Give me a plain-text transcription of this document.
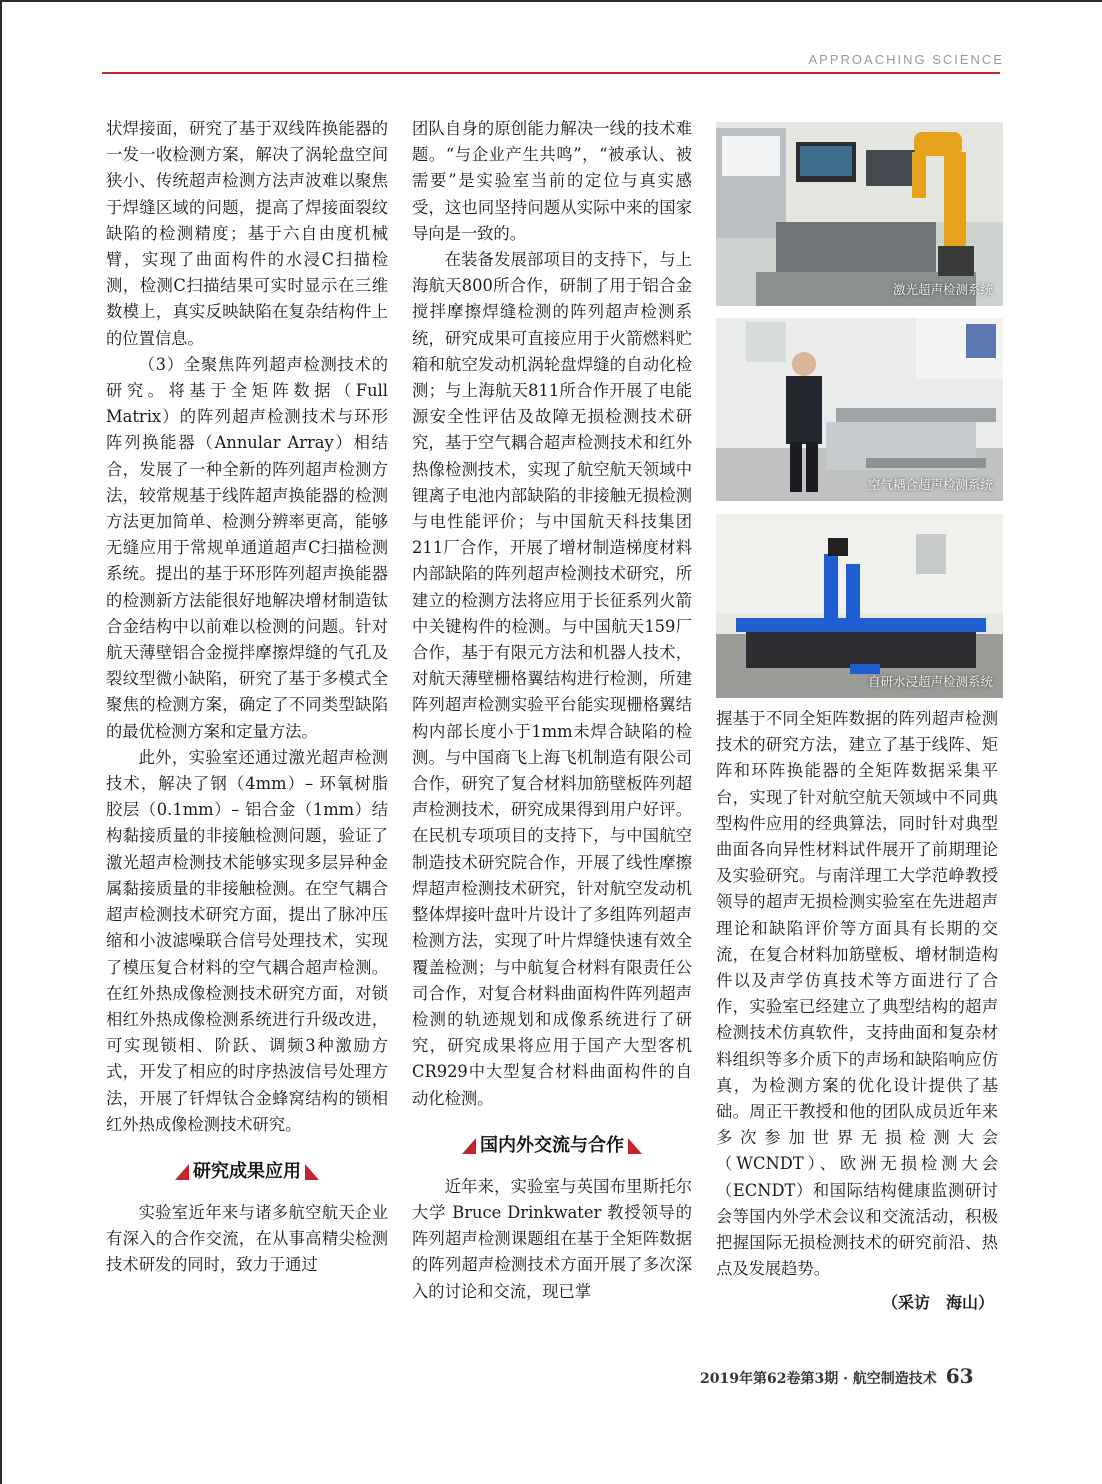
APPROACHING SCIENCE

状焊接面，研究了基于双线阵换能器的一发一收检测方案，解决了涡轮盘空间狭小、传统超声检测方法声波难以聚焦于焊缝区域的问题，提高了焊接面裂纹缺陷的检测精度；基于六自由度机械臂，实现了曲面构件的水浸C扫描检测，检测C扫描结果可实时显示在三维数模上，真实反映缺陷在复杂结构件上的位置信息。

（3）全聚焦阵列超声检测技术的研究。将基于全矩阵数据（Full Matrix）的阵列超声检测技术与环形阵列换能器（Annular Array）相结合，发展了一种全新的阵列超声检测方法，较常规基于线阵超声换能器的检测方法更加简单、检测分辨率更高，能够无缝应用于常规单通道超声C扫描检测系统。提出的基于环形阵列超声换能器的检测新方法能很好地解决增材制造钛合金结构中以前难以检测的问题。针对航天薄壁铝合金搅拌摩擦焊缝的气孔及裂纹型微小缺陷，研究了基于多模式全聚焦的检测方案，确定了不同类型缺陷的最优检测方案和定量方法。

此外，实验室还通过激光超声检测技术，解决了钢（4mm）– 环氧树脂胶层（0.1mm）– 铝合金（1mm）结构黏接质量的非接触检测问题，验证了激光超声检测技术能够实现多层异种金属黏接质量的非接触检测。在空气耦合超声检测技术研究方面，提出了脉冲压缩和小波滤噪联合信号处理技术，实现了模压复合材料的空气耦合超声检测。在红外热成像检测技术研究方面，对锁相红外热成像检测系统进行升级改进，可实现锁相、阶跃、调频3种激励方式，开发了相应的时序热波信号处理方法，开展了钎焊钛合金蜂窝结构的锁相红外热成像检测技术研究。

研究成果应用

实验室近年来与诸多航空航天企业有深入的合作交流，在从事高精尖检测技术研发的同时，致力于通过

团队自身的原创能力解决一线的技术难题。“与企业产生共鸣”，“被承认、被需要”是实验室当前的定位与真实感受，这也同坚持问题从实际中来的国家导向是一致的。

在装备发展部项目的支持下，与上海航天800所合作，研制了用于铝合金搅拌摩擦焊缝检测的阵列超声检测系统，研究成果可直接应用于火箭燃料贮箱和航空发动机涡轮盘焊缝的自动化检测；与上海航天811所合作开展了电能源安全性评估及故障无损检测技术研究，基于空气耦合超声检测技术和红外热像检测技术，实现了航空航天领域中锂离子电池内部缺陷的非接触无损检测与电性能评价；与中国航天科技集团211厂合作，开展了增材制造梯度材料内部缺陷的阵列超声检测技术研究，所建立的检测方法将应用于长征系列火箭中关键构件的检测。与中国航天159厂合作，基于有限元方法和机器人技术，对航天薄壁栅格翼结构进行检测，所建阵列超声检测实验平台能实现栅格翼结构内部长度小于1mm未焊合缺陷的检测。与中国商飞上海飞机制造有限公司合作，研究了复合材料加筋壁板阵列超声检测技术，研究成果得到用户好评。在民机专项项目的支持下，与中国航空制造技术研究院合作，开展了线性摩擦焊超声检测技术研究，针对航空发动机整体焊接叶盘叶片设计了多组阵列超声检测方法，实现了叶片焊缝快速有效全覆盖检测；与中航复合材料有限责任公司合作，对复合材料曲面构件阵列超声检测的轨迹规划和成像系统进行了研究，研究成果将应用于国产大型客机CR929中大型复合材料曲面构件的自动化检测。

国内外交流与合作

近年来，实验室与英国布里斯托尔大学 Bruce Drinkwater 教授领导的阵列超声检测课题组在基于全矩阵数据的阵列超声检测技术方面开展了多次深入的讨论和交流，现已掌

激光超声检测系统
空气耦合超声检测系统
自研水浸超声检测系统

握基于不同全矩阵数据的阵列超声检测技术的研究方法，建立了基于线阵、矩阵和环阵换能器的全矩阵数据采集平台，实现了针对航空航天领域中不同典型构件应用的经典算法，同时针对典型曲面各向异性材料试件展开了前期理论及实验研究。与南洋理工大学范峥教授领导的超声无损检测实验室在先进超声理论和缺陷评价等方面具有长期的交流，在复合材料加筋壁板、增材制造构件以及声学仿真技术等方面进行了合作，实验室已经建立了典型结构的超声检测技术仿真软件，支持曲面和复杂材料组织等多介质下的声场和缺陷响应仿真，为检测方案的优化设计提供了基础。周正干教授和他的团队成员近年来多次参加世界无损检测大会（WCNDT）、欧洲无损检测大会（ECNDT）和国际结构健康监测研讨会等国内外学术会议和交流活动，积极把握国际无损检测技术的研究前沿、热点及发展趋势。

（采访　海山）
2019年第62卷第3期 · 航空制造技术 63
